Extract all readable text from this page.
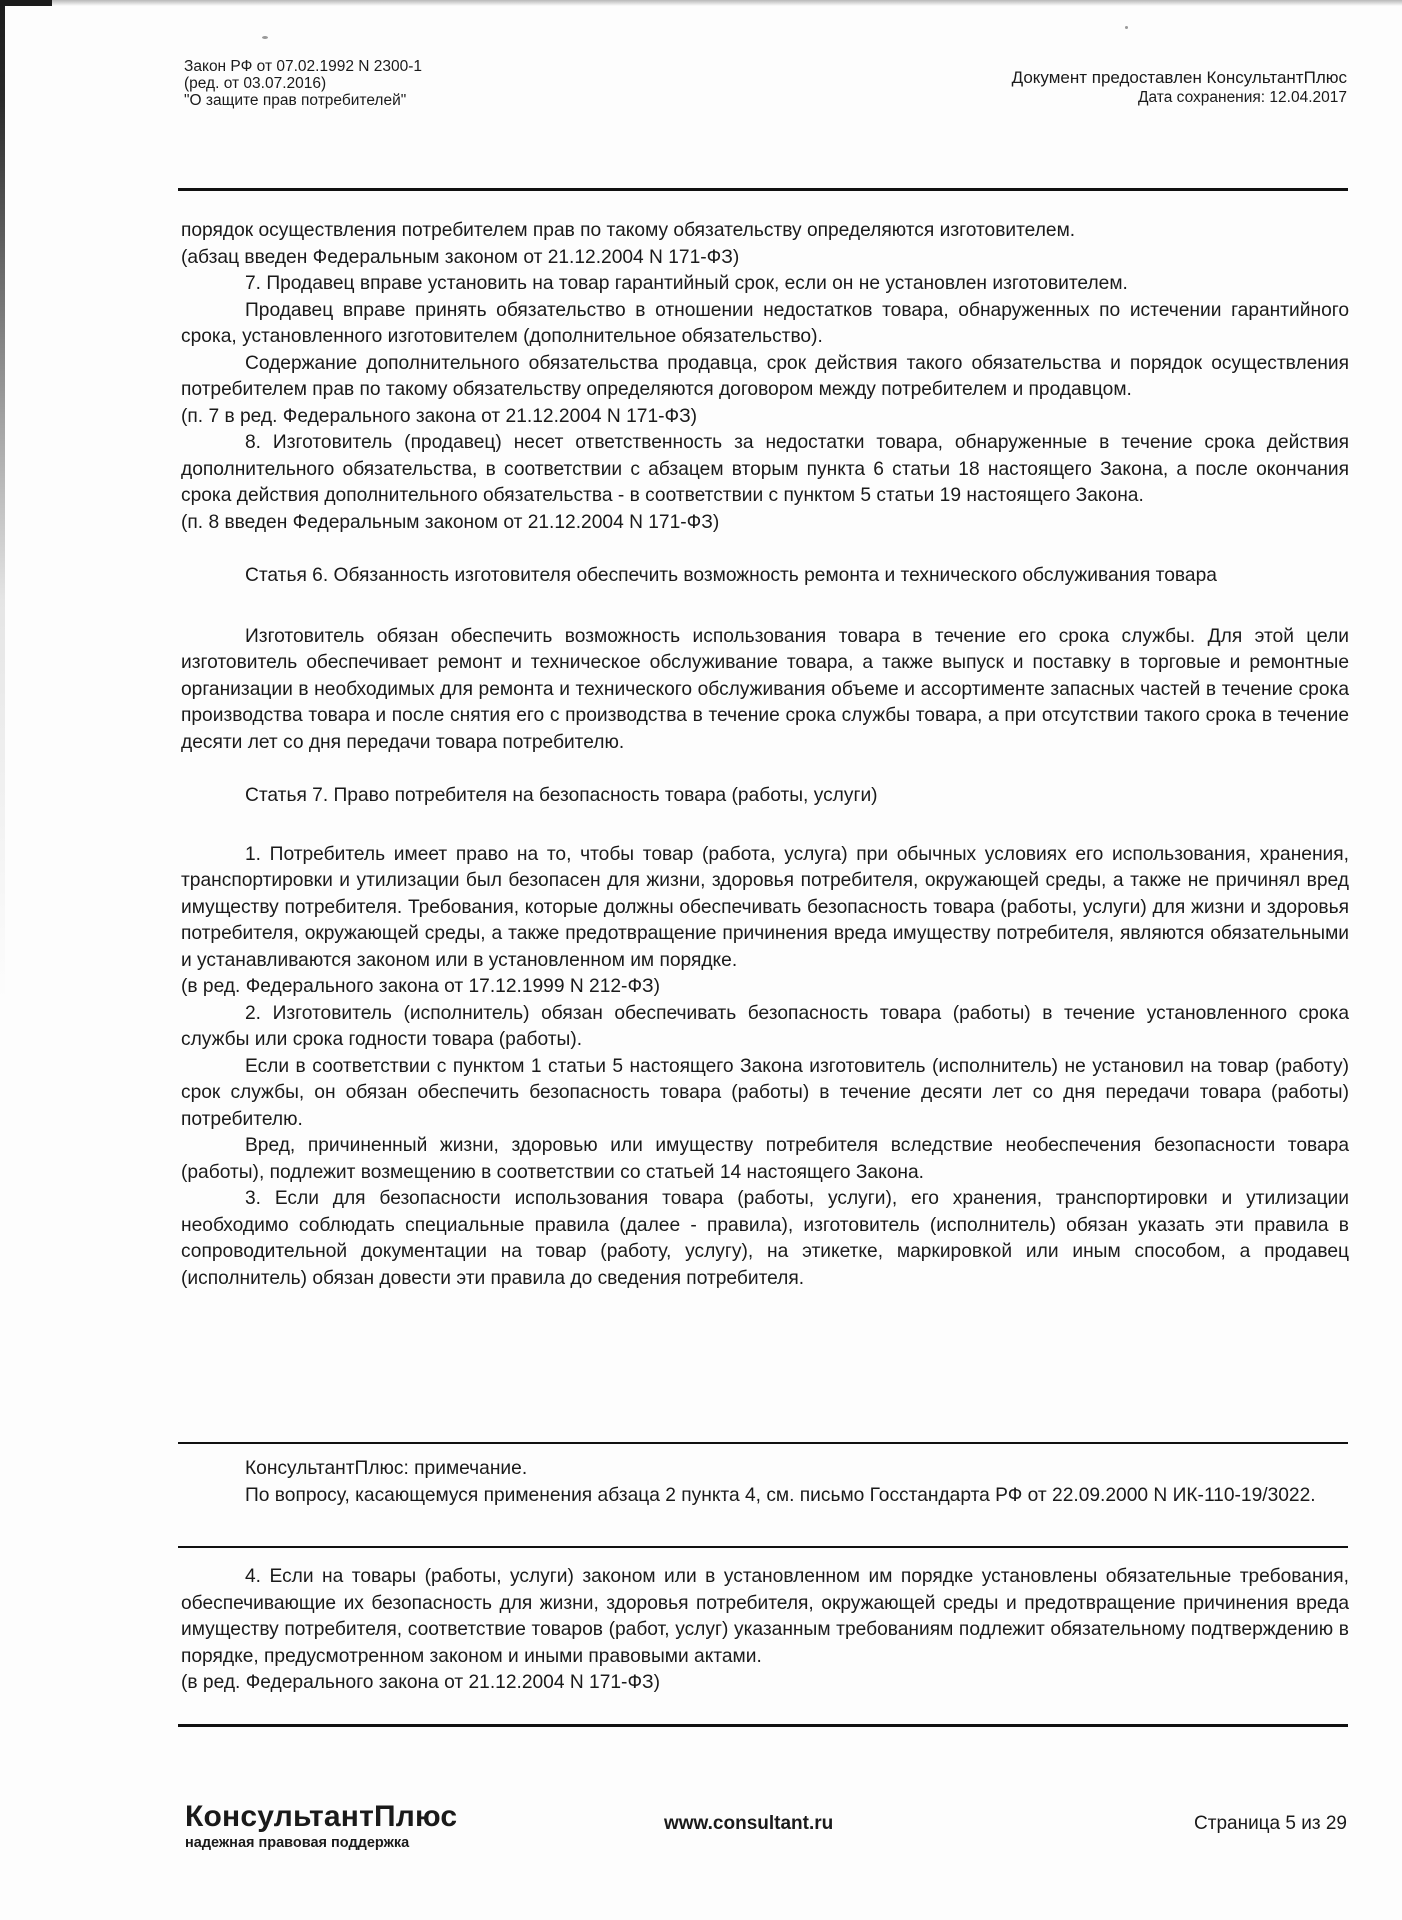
Закон РФ от 07.02.1992 N 2300-1
(ред. от 03.07.2016)
"О защите прав потребителей"
Документ предоставлен КонсультантПлюс
Дата сохранения: 12.04.2017

порядок осуществления потребителем прав по такому обязательству определяются изготовителем.

(абзац введен Федеральным законом от 21.12.2004 N 171-ФЗ)

7. Продавец вправе установить на товар гарантийный срок, если он не установлен изготовителем.

Продавец вправе принять обязательство в отношении недостатков товара, обнаруженных по истечении гарантийного срока, установленного изготовителем (дополнительное обязательство).

Содержание дополнительного обязательства продавца, срок действия такого обязательства и порядок осуществления потребителем прав по такому обязательству определяются договором между потребителем и продавцом.

(п. 7 в ред. Федерального закона от 21.12.2004 N 171-ФЗ)

8. Изготовитель (продавец) несет ответственность за недостатки товара, обнаруженные в течение срока действия дополнительного обязательства, в соответствии с абзацем вторым пункта 6 статьи 18 настоящего Закона, а после окончания срока действия дополнительного обязательства - в соответствии с пунктом 5 статьи 19 настоящего Закона.

(п. 8 введен Федеральным законом от 21.12.2004 N 171-ФЗ)

Статья 6. Обязанность изготовителя обеспечить возможность ремонта и технического обслуживания товара

Изготовитель обязан обеспечить возможность использования товара в течение его срока службы. Для этой цели изготовитель обеспечивает ремонт и техническое обслуживание товара, а также выпуск и поставку в торговые и ремонтные организации в необходимых для ремонта и технического обслуживания объеме и ассортименте запасных частей в течение срока производства товара и после снятия его с производства в течение срока службы товара, а при отсутствии такого срока в течение десяти лет со дня передачи товара потребителю.

Статья 7. Право потребителя на безопасность товара (работы, услуги)

1. Потребитель имеет право на то, чтобы товар (работа, услуга) при обычных условиях его использования, хранения, транспортировки и утилизации был безопасен для жизни, здоровья потребителя, окружающей среды, а также не причинял вред имуществу потребителя. Требования, которые должны обеспечивать безопасность товара (работы, услуги) для жизни и здоровья потребителя, окружающей среды, а также предотвращение причинения вреда имуществу потребителя, являются обязательными и устанавливаются законом или в установленном им порядке.

(в ред. Федерального закона от 17.12.1999 N 212-ФЗ)

2. Изготовитель (исполнитель) обязан обеспечивать безопасность товара (работы) в течение установленного срока службы или срока годности товара (работы).

Если в соответствии с пунктом 1 статьи 5 настоящего Закона изготовитель (исполнитель) не установил на товар (работу) срок службы, он обязан обеспечить безопасность товара (работы) в течение десяти лет со дня передачи товара (работы) потребителю.

Вред, причиненный жизни, здоровью или имуществу потребителя вследствие необеспечения безопасности товара (работы), подлежит возмещению в соответствии со статьей 14 настоящего Закона.

3. Если для безопасности использования товара (работы, услуги), его хранения, транспортировки и утилизации необходимо соблюдать специальные правила (далее - правила), изготовитель (исполнитель) обязан указать эти правила в сопроводительной документации на товар (работу, услугу), на этикетке, маркировкой или иным способом, а продавец (исполнитель) обязан довести эти правила до сведения потребителя.

КонсультантПлюс: примечание.

По вопросу, касающемуся применения абзаца 2 пункта 4, см. письмо Госстандарта РФ от 22.09.2000 N ИК-110-19/3022.

4. Если на товары (работы, услуги) законом или в установленном им порядке установлены обязательные требования, обеспечивающие их безопасность для жизни, здоровья потребителя, окружающей среды и предотвращение причинения вреда имуществу потребителя, соответствие товаров (работ, услуг) указанным требованиям подлежит обязательному подтверждению в порядке, предусмотренном законом и иными правовыми актами.

(в ред. Федерального закона от 21.12.2004 N 171-ФЗ)

КонсультантПлюс
надежная правовая поддержка
www.consultant.ru	Страница 5 из 29
